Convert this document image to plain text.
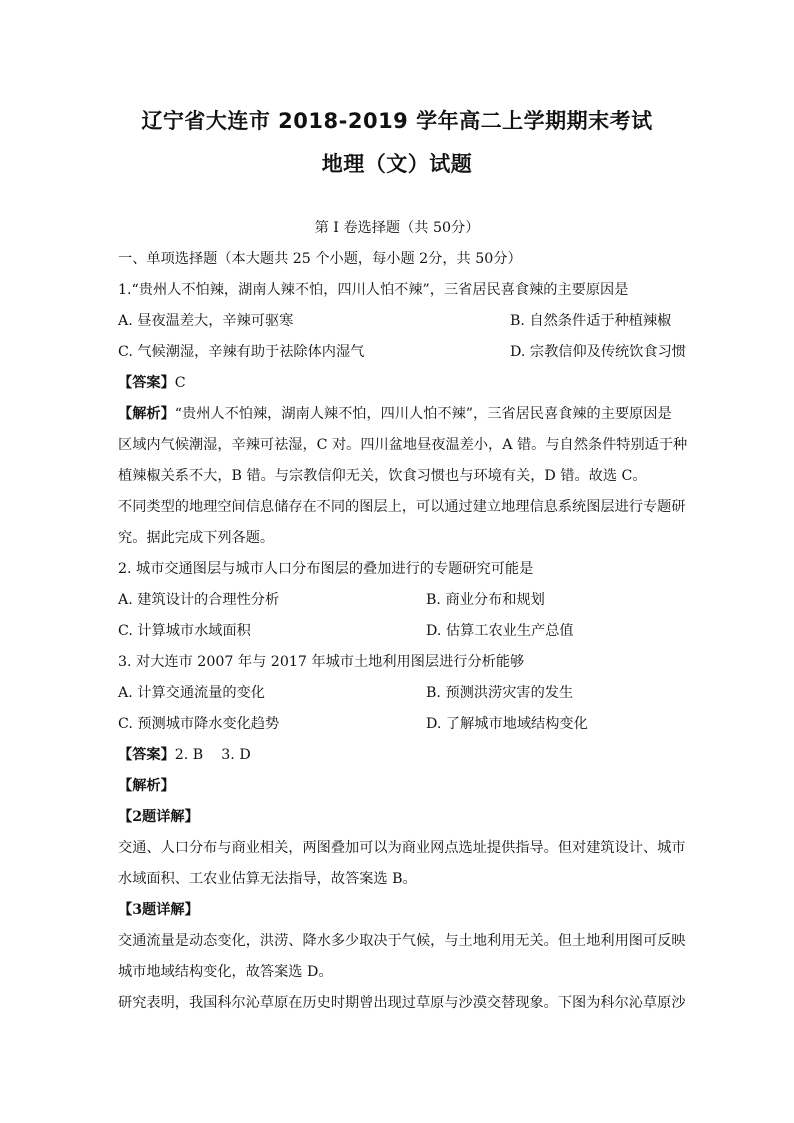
辽宁省大连市 2018-2019 学年高二上学期期末考试
地理（文）试题
第 I 卷选择题（共 50分）
一、单项选择题（本大题共 25 个小题，每小题 2分，共 50分）
1.“贵州人不怕辣，湖南人辣不怕，四川人怕不辣”，三省居民喜食辣的主要原因是
A. 昼夜温差大，辛辣可驱寒	B. 自然条件适于种植辣椒
C. 气候潮湿，辛辣有助于祛除体内湿气	D. 宗教信仰及传统饮食习惯
【答案】C
【解析】“贵州人不怕辣，湖南人辣不怕，四川人怕不辣”，三省居民喜食辣的主要原因是
区域内气候潮湿，辛辣可祛湿，C 对。四川盆地昼夜温差小，A 错。与自然条件特别适于种
植辣椒关系不大，B 错。与宗教信仰无关，饮食习惯也与环境有关，D 错。故选 C。
不同类型的地理空间信息储存在不同的图层上，可以通过建立地理信息系统图层进行专题研
究。据此完成下列各题。
2. 城市交通图层与城市人口分布图层的叠加进行的专题研究可能是
A. 建筑设计的合理性分析	B. 商业分布和规划
C. 计算城市水域面积	D. 估算工农业生产总值
3. 对大连市 2007 年与 2017 年城市土地利用图层进行分析能够
A. 计算交通流量的变化	B. 预测洪涝灾害的发生
C. 预测城市降水变化趋势	D. 了解城市地域结构变化
【答案】2. B    3. D
【解析】
【2题详解】
交通、人口分布与商业相关，两图叠加可以为商业网点选址提供指导。但对建筑设计、城市
水域面积、工农业估算无法指导，故答案选 B。
【3题详解】
交通流量是动态变化，洪涝、降水多少取决于气候，与土地利用无关。但土地利用图可反映
城市地域结构变化，故答案选 D。
研究表明，我国科尔沁草原在历史时期曾出现过草原与沙漠交替现象。下图为科尔沁草原沙
